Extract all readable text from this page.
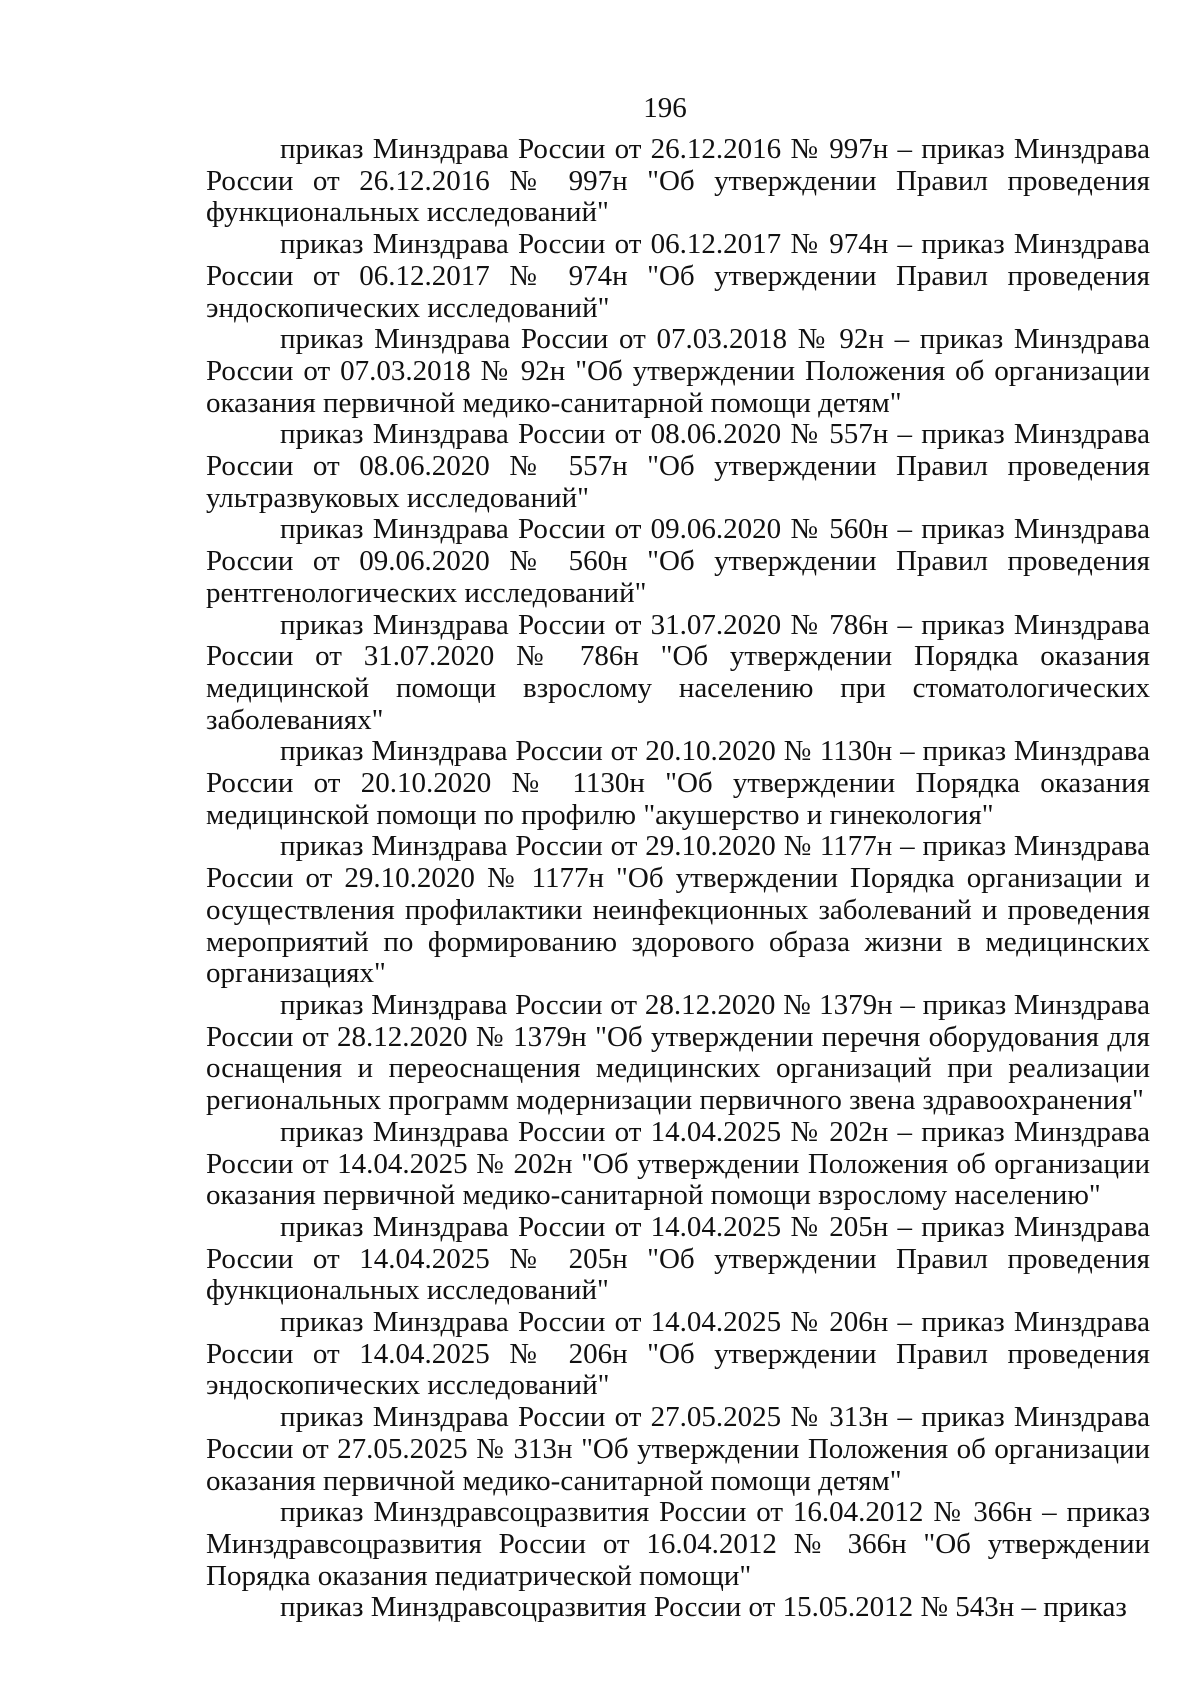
196

приказ Минздрава России от 26.12.2016 № 997н – приказ Минздрава России от 26.12.2016 № 997н "Об утверждении Правил проведения функциональных исследований"

приказ Минздрава России от 06.12.2017 № 974н – приказ Минздрава России от 06.12.2017 № 974н "Об утверждении Правил проведения эндоскопических исследований"

приказ Минздрава России от 07.03.2018 № 92н – приказ Минздрава России от 07.03.2018 № 92н "Об утверждении Положения об организации оказания первичной медико-санитарной помощи детям"

приказ Минздрава России от 08.06.2020 № 557н – приказ Минздрава России от 08.06.2020 № 557н "Об утверждении Правил проведения ультразвуковых исследований"

приказ Минздрава России от 09.06.2020 № 560н – приказ Минздрава России от 09.06.2020 № 560н "Об утверждении Правил проведения рентгенологических исследований"

приказ Минздрава России от 31.07.2020 № 786н – приказ Минздрава России от 31.07.2020 № 786н "Об утверждении Порядка оказания медицинской помощи взрослому населению при стоматологических заболеваниях"

приказ Минздрава России от 20.10.2020 № 1130н – приказ Минздрава России от 20.10.2020 № 1130н "Об утверждении Порядка оказания медицинской помощи по профилю "акушерство и гинекология"

приказ Минздрава России от 29.10.2020 № 1177н – приказ Минздрава России от 29.10.2020 № 1177н "Об утверждении Порядка организации и осуществления профилактики неинфекционных заболеваний и проведения мероприятий по формированию здорового образа жизни в медицинских организациях"

приказ Минздрава России от 28.12.2020 № 1379н – приказ Минздрава России от 28.12.2020 № 1379н "Об утверждении перечня оборудования для оснащения и переоснащения медицинских организаций при реализации региональных программ модернизации первичного звена здравоохранения"

приказ Минздрава России от 14.04.2025 № 202н – приказ Минздрава России от 14.04.2025 № 202н "Об утверждении Положения об организации оказания первичной медико-санитарной помощи взрослому населению"

приказ Минздрава России от 14.04.2025 № 205н – приказ Минздрава России от 14.04.2025 № 205н "Об утверждении Правил проведения функциональных исследований"

приказ Минздрава России от 14.04.2025 № 206н – приказ Минздрава России от 14.04.2025 № 206н "Об утверждении Правил проведения эндоскопических исследований"

приказ Минздрава России от 27.05.2025 № 313н – приказ Минздрава России от 27.05.2025 № 313н "Об утверждении Положения об организации оказания первичной медико-санитарной помощи детям"

приказ Минздравсоцразвития России от 16.04.2012 № 366н – приказ Минздравсоцразвития России от 16.04.2012 № 366н "Об утверждении Порядка оказания педиатрической помощи"

приказ Минздравсоцразвития России от 15.05.2012 № 543н – приказ
